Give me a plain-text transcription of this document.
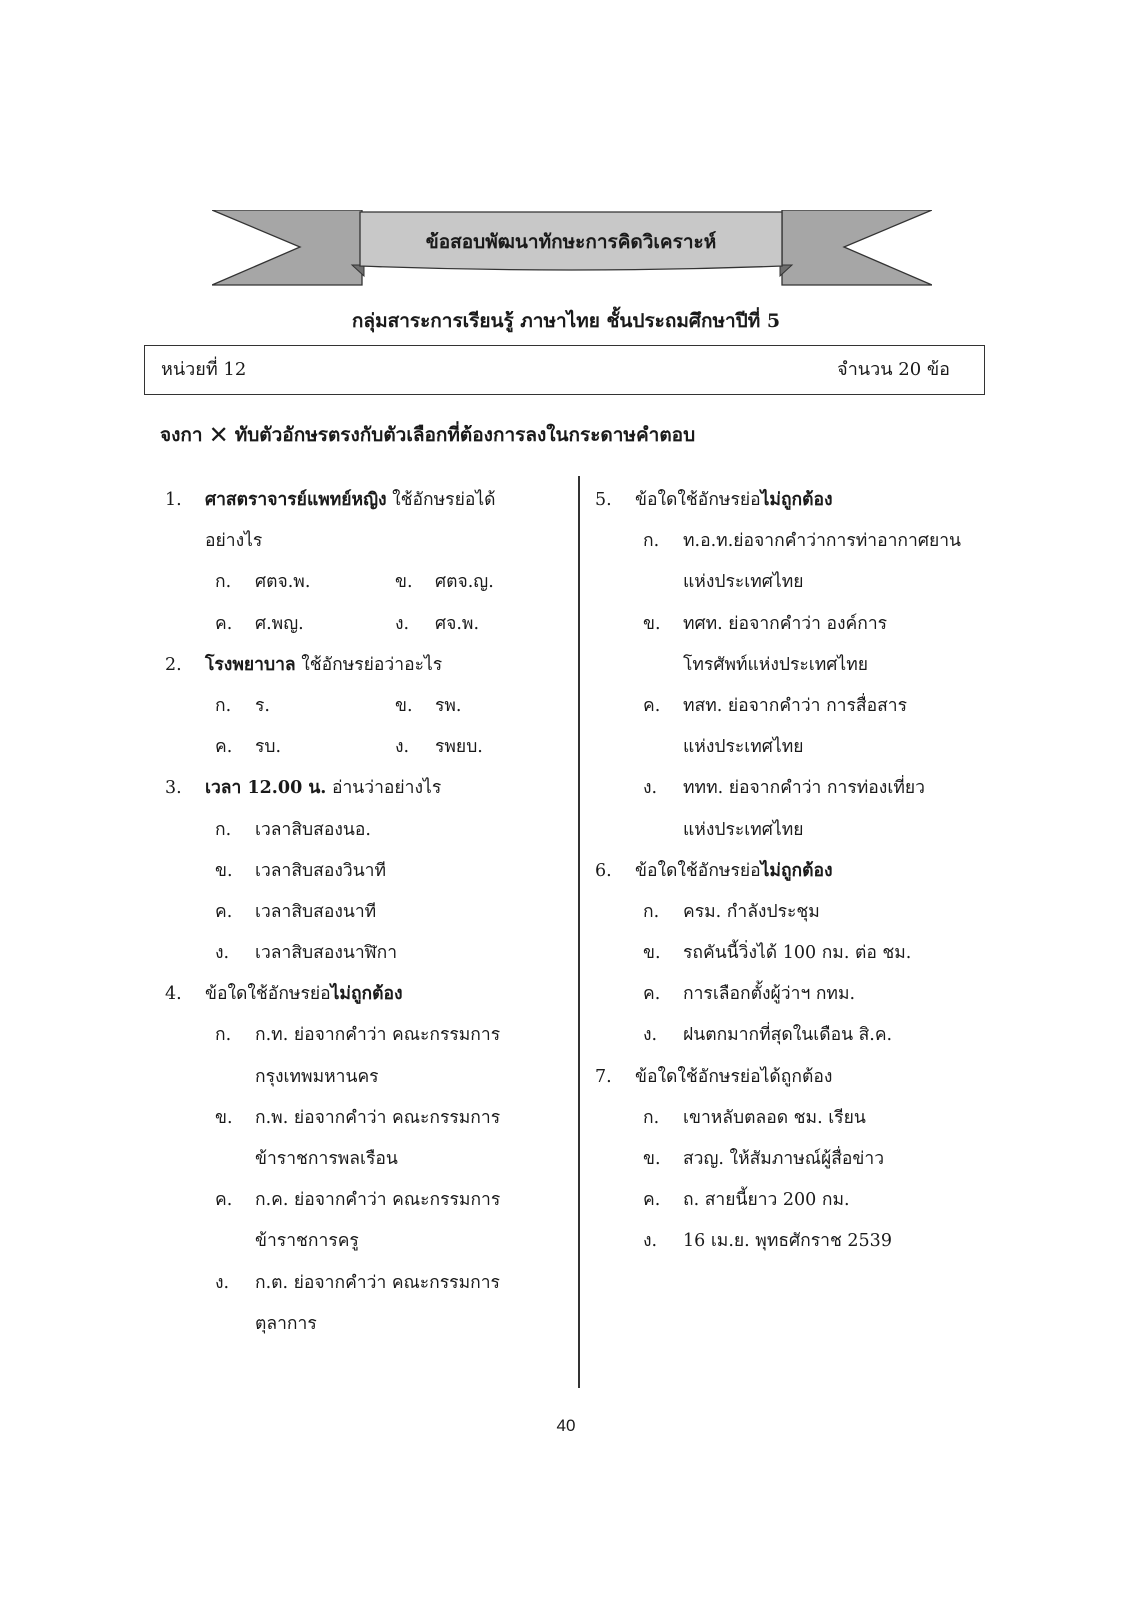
ข้อสอบพัฒนาทักษะการคิดวิเคราะห์
กลุ่มสาระการเรียนรู้ ภาษาไทย ชั้นประถมศึกษาปีที่ 5
หน่วยที่ 12	จำนวน 20 ข้อ
จงกา ✕ ทับตัวอักษรตรงกับตัวเลือกที่ต้องการลงในกระดาษคำตอบ
1. ศาสตราจารย์แพทย์หญิง ใช้อักษรย่อได้
อย่างไร
ก. ศตจ.พ.	ข. ศตจ.ญ.
ค. ศ.พญ.	ง. ศจ.พ.
2. โรงพยาบาล ใช้อักษรย่อว่าอะไร
ก. ร.	ข. รพ.
ค. รบ.	ง. รพยบ.
3. เวลา 12.00 น. อ่านว่าอย่างไร
ก. เวลาสิบสองนอ.
ข. เวลาสิบสองวินาที
ค. เวลาสิบสองนาที
ง. เวลาสิบสองนาฬิกา
4. ข้อใดใช้อักษรย่อไม่ถูกต้อง
ก. ก.ท. ย่อจากคำว่า คณะกรรมการ
กรุงเทพมหานคร
ข. ก.พ. ย่อจากคำว่า คณะกรรมการ
ข้าราชการพลเรือน
ค. ก.ค. ย่อจากคำว่า คณะกรรมการ
ข้าราชการครู
ง. ก.ต. ย่อจากคำว่า คณะกรรมการ
ตุลาการ
5. ข้อใดใช้อักษรย่อไม่ถูกต้อง
ก. ท.อ.ท.ย่อจากคำว่าการท่าอากาศยาน
แห่งประเทศไทย
ข. ทศท. ย่อจากคำว่า องค์การ
โทรศัพท์แห่งประเทศไทย
ค. ทสท. ย่อจากคำว่า การสื่อสาร
แห่งประเทศไทย
ง. ททท. ย่อจากคำว่า การท่องเที่ยว
แห่งประเทศไทย
6. ข้อใดใช้อักษรย่อไม่ถูกต้อง
ก. ครม. กำลังประชุม
ข. รถคันนี้วิ่งได้ 100 กม. ต่อ ชม.
ค. การเลือกตั้งผู้ว่าฯ กทม.
ง. ฝนตกมากที่สุดในเดือน สิ.ค.
7. ข้อใดใช้อักษรย่อได้ถูกต้อง
ก. เขาหลับตลอด ชม. เรียน
ข. สวญ. ให้สัมภาษณ์ผู้สื่อข่าว
ค. ถ. สายนี้ยาว 200 กม.
ง. 16 เม.ย. พุทธศักราช 2539
40
